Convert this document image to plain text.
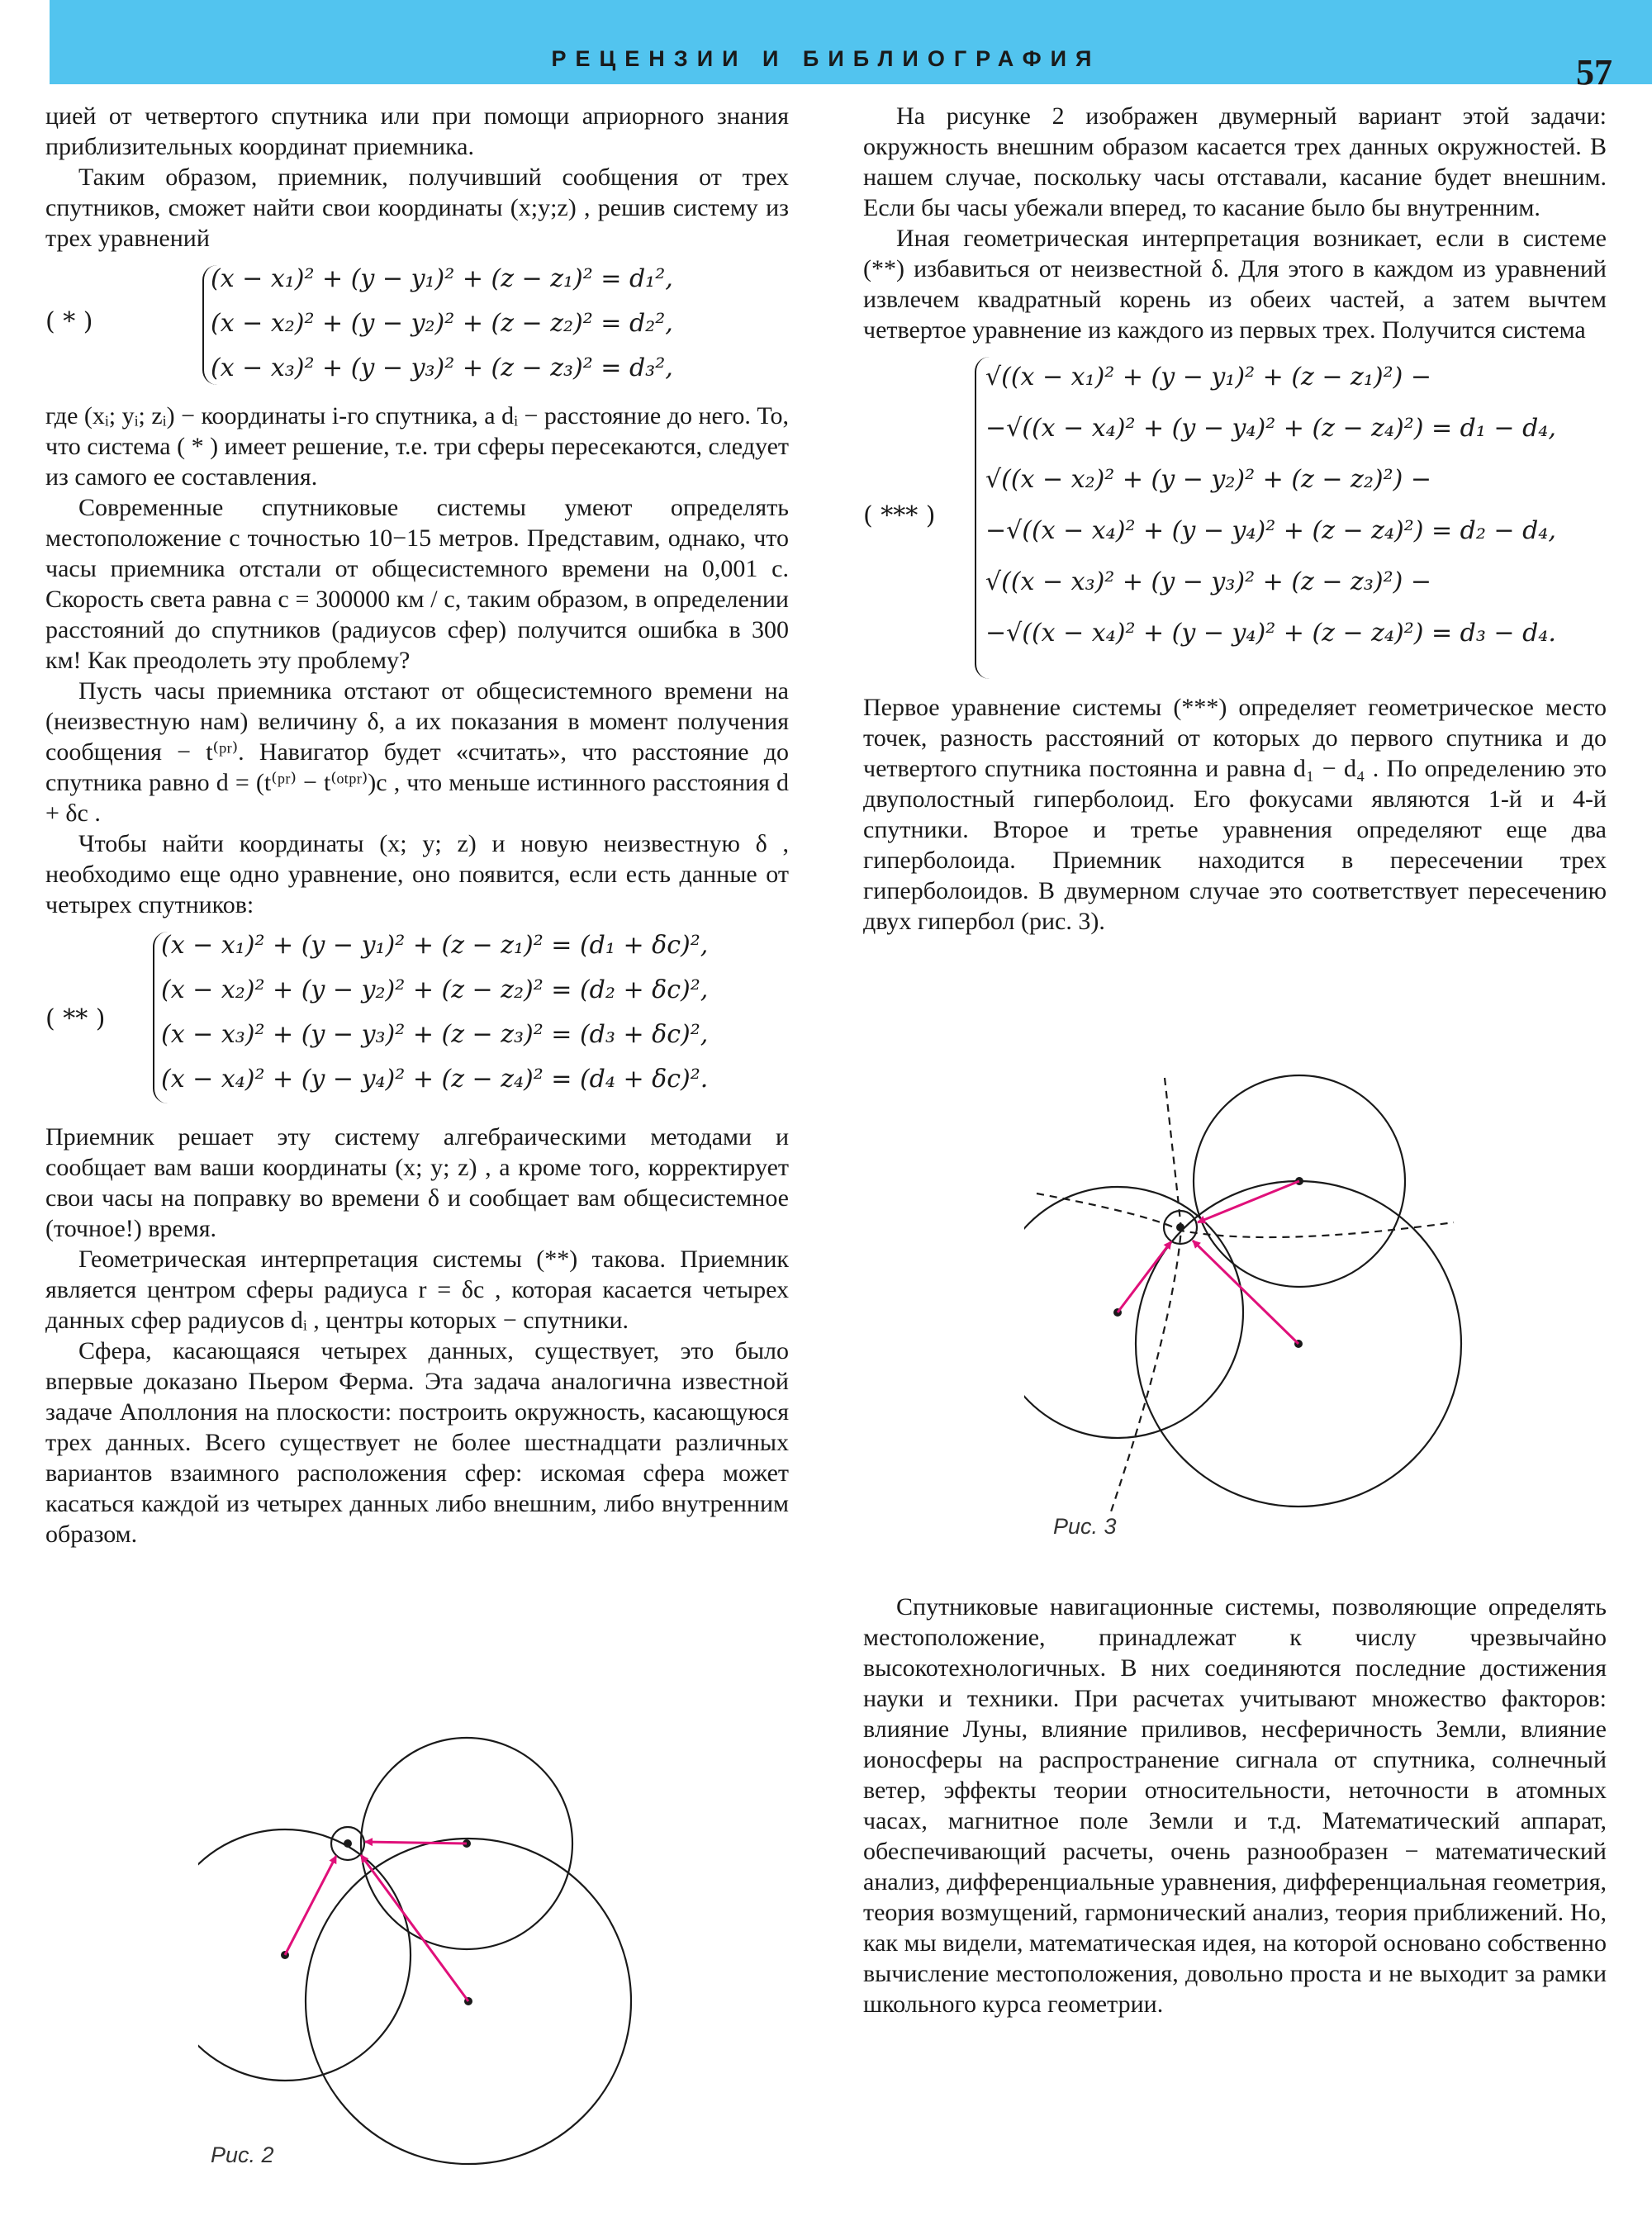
РЕЦЕНЗИИ И БИБЛИОГРАФИЯ	57

цией от четвертого спутника или при помощи априорного знания приблизительных координат приемника.

Таким образом, приемник, получивший сообщения от трех спутников, сможет найти свои координаты (x;y;z) , решив систему из трех уравнений

( * )
(x − x₁)² + (y − y₁)² + (z − z₁)² = d₁²,
(x − x₂)² + (y − y₂)² + (z − z₂)² = d₂²,
(x − x₃)² + (y − y₃)² + (z − z₃)² = d₃²,

где (xᵢ; yᵢ; zᵢ) − координаты i-го спутника, а dᵢ − расстояние до него. То, что система ( * ) имеет решение, т.е. три сферы пересекаются, следует из самого ее составления.

Современные спутниковые системы умеют определять местоположение с точностью 10−15 метров. Представим, однако, что часы приемника отстали от общесистемного времени на 0,001 с. Скорость света равна c = 300000 км / с, таким образом, в определении расстояний до спутников (радиусов сфер) получится ошибка в 300 км! Как преодолеть эту проблему?

Пусть часы приемника отстают от общесистемного времени на (неизвестную нам) величину δ, а их показания в момент получения сообщения − t⁽ᵖʳ⁾. Навигатор будет «считать», что расстояние до спутника равно d = (t⁽ᵖʳ⁾ − t⁽ᵒᵗᵖʳ⁾)c , что меньше истинного расстояния d + δc .

Чтобы найти координаты (x; y; z) и новую неизвестную δ , необходимо еще одно уравнение, оно появится, если есть данные от четырех спутников:

( ** )
(x − x₁)² + (y − y₁)² + (z − z₁)² = (d₁ + δc)²,
(x − x₂)² + (y − y₂)² + (z − z₂)² = (d₂ + δc)²,
(x − x₃)² + (y − y₃)² + (z − z₃)² = (d₃ + δc)²,
(x − x₄)² + (y − y₄)² + (z − z₄)² = (d₄ + δc)².

Приемник решает эту систему алгебраическими методами и сообщает вам ваши координаты (x; y; z) , а кроме того, корректирует свои часы на поправку во времени δ и сообщает вам общесистемное (точное!) время.

Геометрическая интерпретация системы (**) такова. Приемник является центром сферы радиуса r = δc , которая касается четырех данных сфер радиусов dᵢ , центры которых − спутники.

Сфера, касающаяся четырех данных, существует, это было впервые доказано Пьером Ферма. Эта задача аналогична известной задаче Аполлония на плоскости: построить окружность, касающуюся трех данных. Всего существует не более шестнадцати различных вариантов взаимного расположения сфер: искомая сфера может касаться каждой из четырех данных либо внешним, либо внутренним образом.

Рис. 2

На рисунке 2 изображен двумерный вариант этой задачи: окружность внешним образом касается трех данных окружностей. В нашем случае, поскольку часы отставали, касание будет внешним. Если бы часы убежали вперед, то касание было бы внутренним.

Иная геометрическая интерпретация возникает, если в системе (**) избавиться от неизвестной δ. Для этого в каждом из уравнений извлечем квадратный корень из обеих частей, а затем вычтем четвертое уравнение из каждого из первых трех. Получится система

( *** )
√((x − x₁)² + (y − y₁)² + (z − z₁)²) −
−√((x − x₄)² + (y − y₄)² + (z − z₄)²) = d₁ − d₄,
√((x − x₂)² + (y − y₂)² + (z − z₂)²) −
−√((x − x₄)² + (y − y₄)² + (z − z₄)²) = d₂ − d₄,
√((x − x₃)² + (y − y₃)² + (z − z₃)²) −
−√((x − x₄)² + (y − y₄)² + (z − z₄)²) = d₃ − d₄.

Первое уравнение системы (***) определяет геометрическое место точек, разность расстояний от которых до первого спутника и до четвертого спутника постоянна и равна d₁ − d₄ . По определению это двуполостный гиперболоид. Его фокусами являются 1-й и 4-й спутники. Второе и третье уравнения определяют еще два гиперболоида. Приемник находится в пересечении трех гиперболоидов. В двумерном случае это соответствует пересечению двух гипербол (рис. 3).

Рис. 3

Спутниковые навигационные системы, позволяющие определять местоположение, принадлежат к числу чрезвычайно высокотехнологичных. В них соединяются последние достижения науки и техники. При расчетах учитывают множество факторов: влияние Луны, влияние приливов, несферичность Земли, влияние ионосферы на распространение сигнала от спутника, солнечный ветер, эффекты теории относительности, неточности в атомных часах, магнитное поле Земли и т.д. Математический аппарат, обеспечивающий расчеты, очень разнообразен − математический анализ, дифференциальные уравнения, дифференциальная геометрия, теория возмущений, гармонический анализ, теория приближений. Но, как мы видели, математическая идея, на которой основано собственно вычисление местоположения, довольно проста и не выходит за рамки школьного курса геометрии.
